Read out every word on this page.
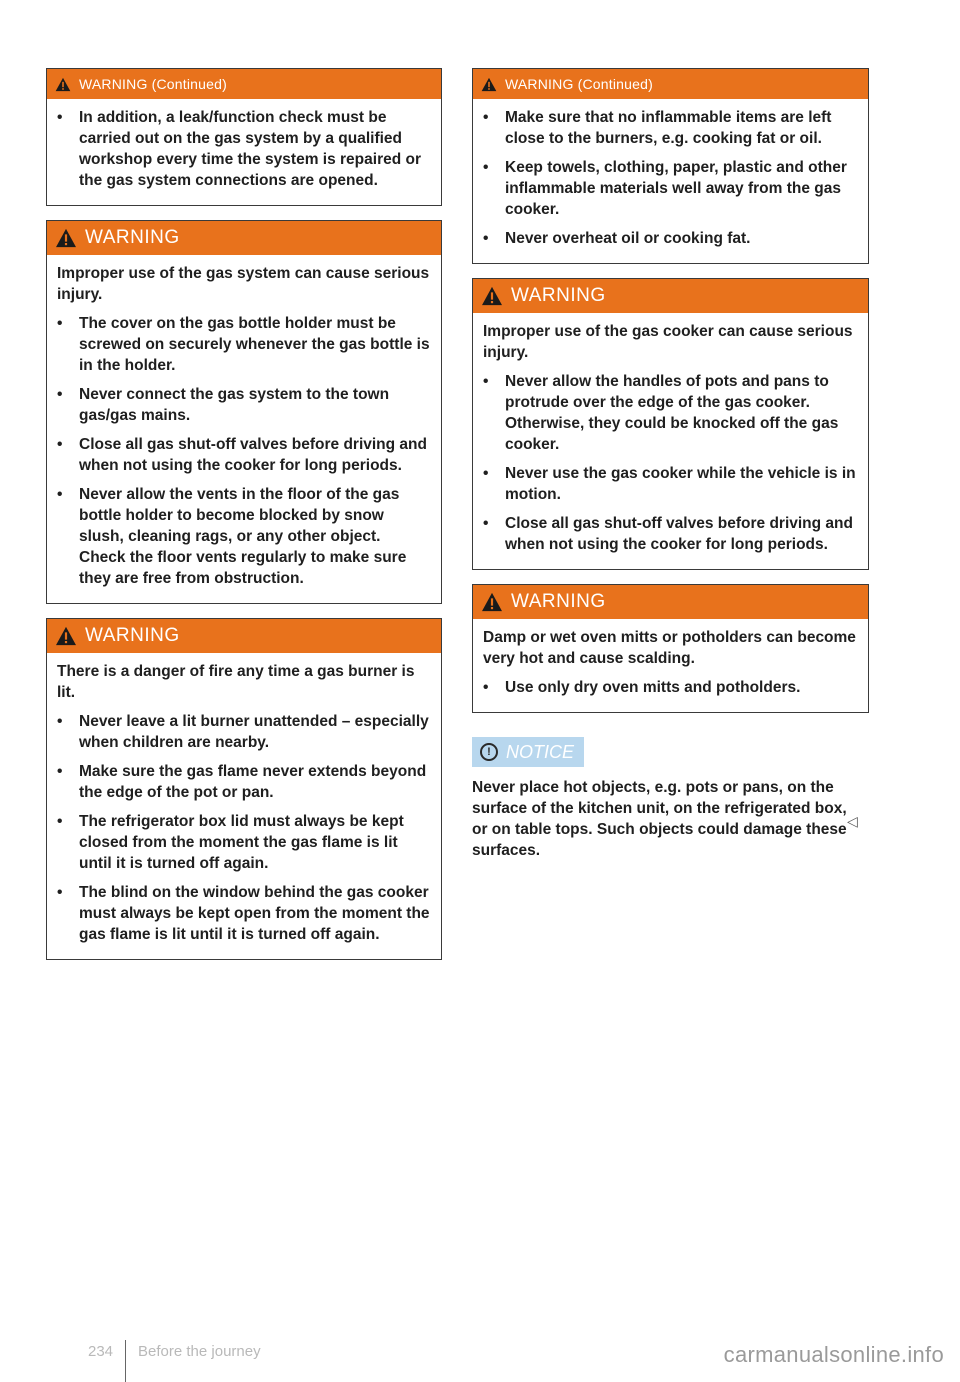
WARNING (Continued)

•	In addition, a leak/function check must be carried out on the gas system by a qualified workshop every time the system is repaired or the gas system connections are opened.

WARNING

Improper use of the gas system can cause serious injury.

•	The cover on the gas bottle holder must be screwed on securely whenever the gas bottle is in the holder.

•	Never connect the gas system to the town gas/gas mains.

•	Close all gas shut-off valves before driving and when not using the cooker for long periods.

•	Never allow the vents in the floor of the gas bottle holder to become blocked by snow slush, cleaning rags, or any other object. Check the floor vents regularly to make sure they are free from obstruction.

WARNING

There is a danger of fire any time a gas burner is lit.

•	Never leave a lit burner unattended – especially when children are nearby.

•	Make sure the gas flame never extends beyond the edge of the pot or pan.

•	The refrigerator box lid must always be kept closed from the moment the gas flame is lit until it is turned off again.

•	The blind on the window behind the gas cooker must always be kept open from the moment the gas flame is lit until it is turned off again.

WARNING (Continued)

•	Make sure that no inflammable items are left close to the burners, e.g. cooking fat or oil.

•	Keep towels, clothing, paper, plastic and other inflammable materials well away from the gas cooker.

•	Never overheat oil or cooking fat.

WARNING

Improper use of the gas cooker can cause serious injury.

•	Never allow the handles of pots and pans to protrude over the edge of the gas cooker. Otherwise, they could be knocked off the gas cooker.

•	Never use the gas cooker while the vehicle is in motion.

•	Close all gas shut-off valves before driving and when not using the cooker for long periods.

WARNING

Damp or wet oven mitts or potholders can become very hot and cause scalding.

•	Use only dry oven mitts and potholders.

! NOTICE

Never place hot objects, e.g. pots or pans, on the surface of the kitchen unit, on the refrigerated box, or on table tops. Such objects could damage these surfaces.

◁
234 Before the journey	carmanualsonline.info
